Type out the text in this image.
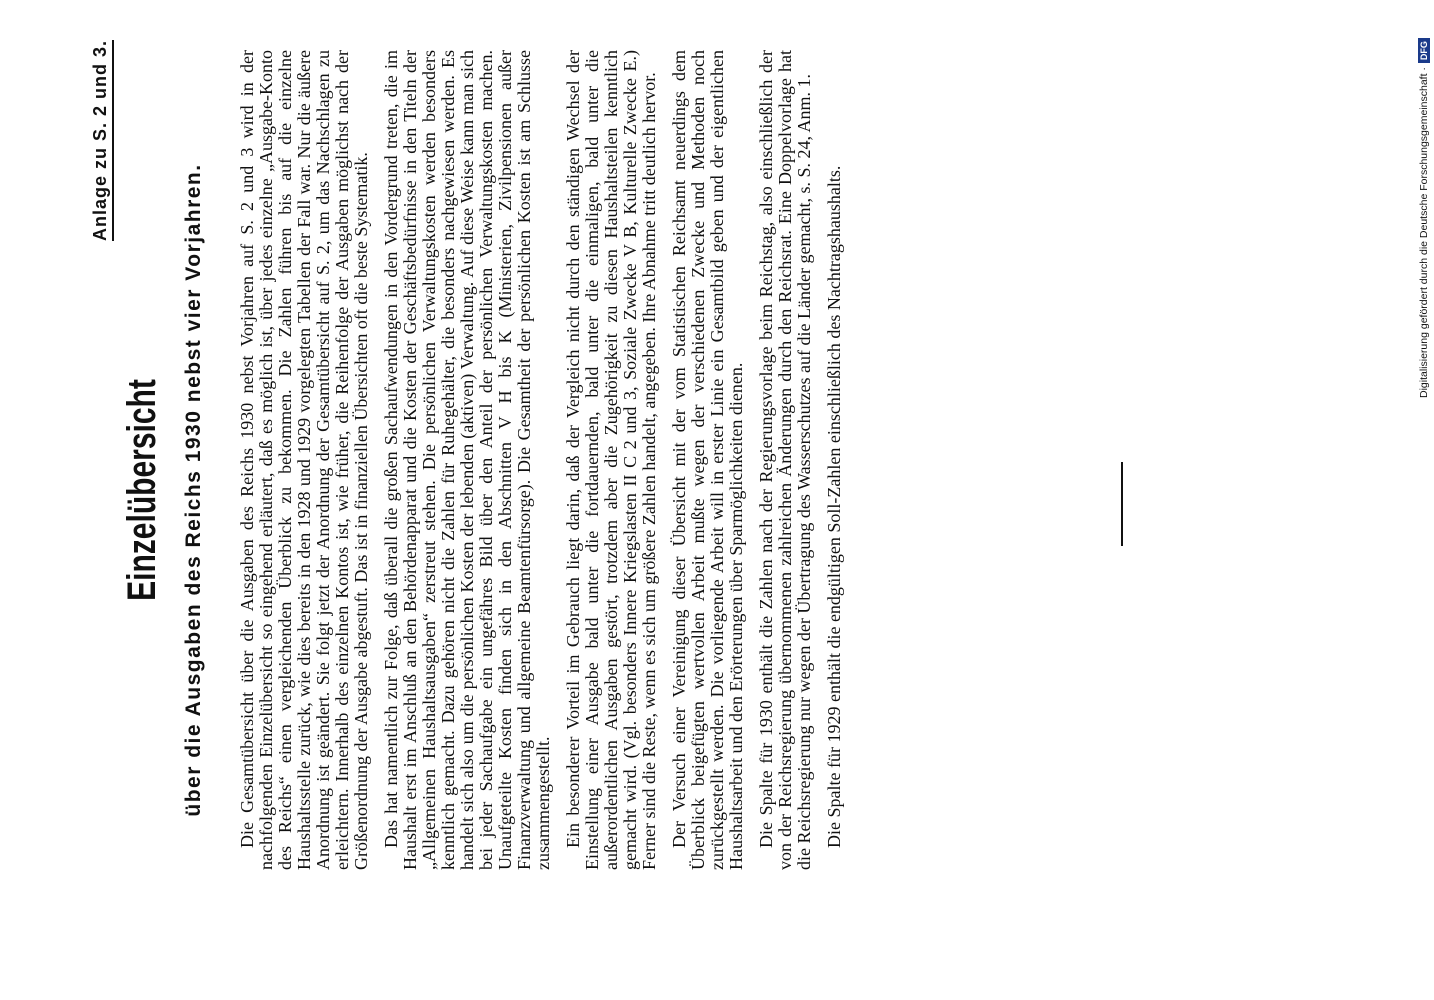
Anlage zu S. 2 und 3.
Einzelübersicht über die Ausgaben des Reichs 1930 nebst vier Vorjahren. Die Gesamtübersicht über die Ausgaben des Reichs 1930 nebst Vorjahren auf S. 2 und 3 wird in der nachfolgenden Einzelübersicht so eingehend erläutert, daß es möglich ist, über jedes einzelne „Ausgabe-Konto des Reichs“ einen vergleichenden Überblick zu bekommen. Die Zahlen führen bis auf die einzelne Haushaltsstelle zurück, wie dies bereits in den 1928 und 1929 vorgelegten Tabellen der Fall war. Nur die äußere Anordnung ist geändert. Sie folgt jetzt der Anordnung der Gesamtübersicht auf S. 2, um das Nachschlagen zu erleichtern. Innerhalb des einzelnen Kontos ist, wie früher, die Reihenfolge der Ausgaben möglichst nach der Größenordnung der Ausgabe abgestuft. Das ist in finanziellen Übersichten oft die beste Systematik. Das hat namentlich zur Folge, daß überall die großen Sachaufwendungen in den Vordergrund treten, die im Haushalt erst im Anschluß an den Behördenapparat und die Kosten der Geschäftsbedürfnisse in den Titeln der „Allgemeinen Haushaltsausgaben“ zerstreut stehen. Die persönlichen Verwaltungskosten werden besonders kenntlich gemacht. Dazu gehören nicht die Zahlen für Ruhegehälter, die besonders nachgewiesen werden. Es handelt sich also um die persönlichen Kosten der lebenden (aktiven) Verwaltung. Auf diese Weise kann man sich bei jeder Sachaufgabe ein ungefähres Bild über den Anteil der persönlichen Verwaltungskosten machen. Unaufgeteilte Kosten finden sich in den Abschnitten V H bis K (Ministerien, Zivilpensionen außer Finanzverwaltung und allgemeine Beamtenfürsorge). Die Gesamtheit der persönlichen Kosten ist am Schlusse zusammengestellt. Ein besonderer Vorteil im Gebrauch liegt darin, daß der Vergleich nicht durch den ständigen Wechsel der Einstellung einer Ausgabe bald unter die fortdauernden, bald unter die einmaligen, bald unter die außerordentlichen Ausgaben gestört, trotzdem aber die Zugehörigkeit zu diesen Haushaltsteilen kenntlich gemacht wird. (Vgl. besonders Innere Kriegslasten II C 2 und 3, Soziale Zwecke V B, Kulturelle Zwecke E.) Ferner sind die Reste, wenn es sich um größere Zahlen handelt, angegeben. Ihre Abnahme tritt deutlich hervor. Der Versuch einer Vereinigung dieser Übersicht mit der vom Statistischen Reichsamt neuerdings dem Überblick beigefügten wertvollen Arbeit mußte wegen der verschiedenen Zwecke und Methoden noch zurückgestellt werden. Die vorliegende Arbeit will in erster Linie ein Gesamtbild geben und der eigentlichen Haushaltsarbeit und den Erörterungen über Sparmöglichkeiten dienen. Die Spalte für 1930 enthält die Zahlen nach der Regierungsvorlage beim Reichstag, also einschließlich der von der Reichsregierung übernommenen zahlreichen Änderungen durch den Reichsrat. Eine Doppelvorlage hat die Reichsregierung nur wegen der Übertragung des Wasserschutzes auf die Länder gemacht, s. S. 24, Anm. 1. Die Spalte für 1929 enthält die endgültigen Soll-Zahlen einschließlich des Nachtragshaushalts.	Digitalisierung gefördert durch die Deutsche Forschungsgemeinschaft ·
DFG
